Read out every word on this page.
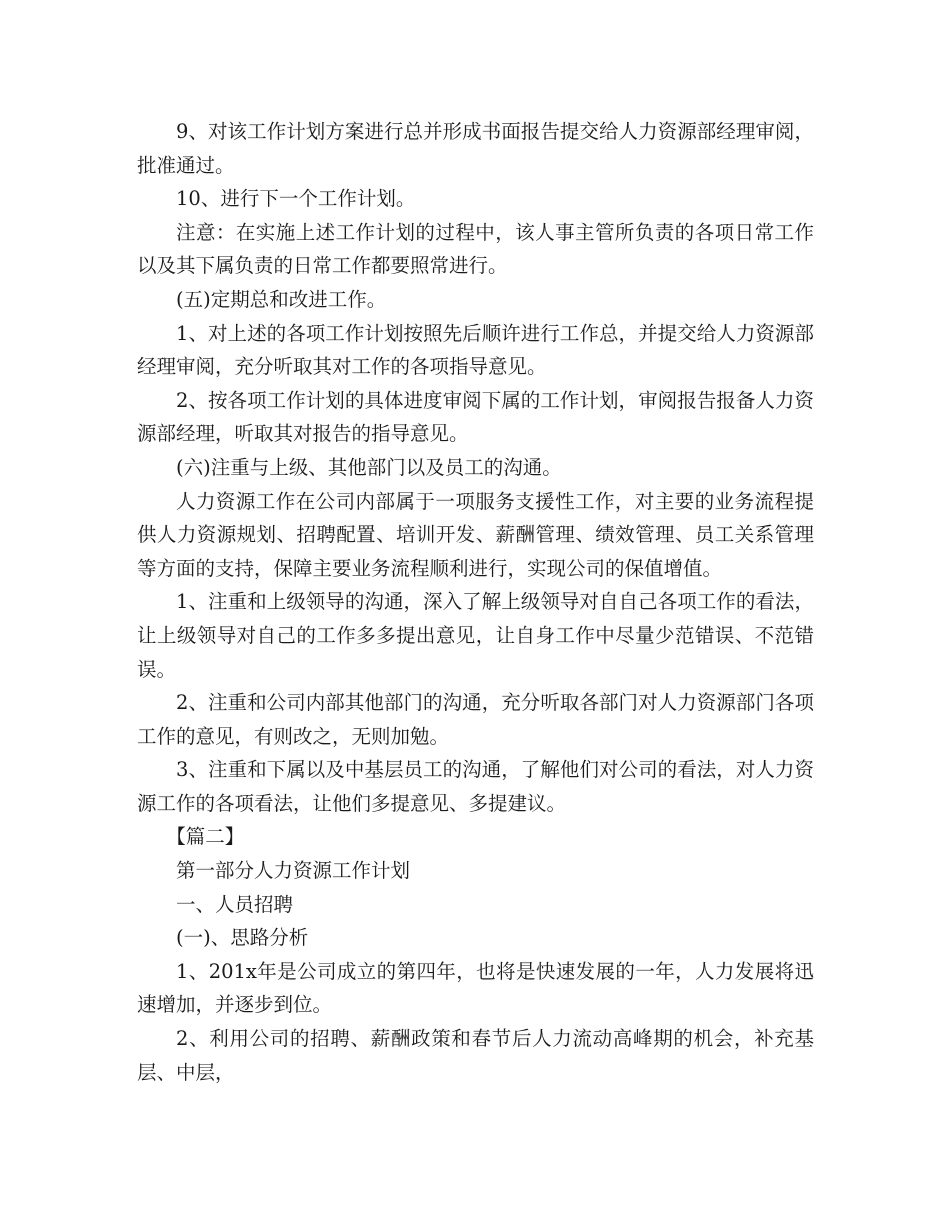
9、对该工作计划方案进行总并形成书面报告提交给人力资源部经理审阅，批准通过。

10、进行下一个工作计划。

注意：在实施上述工作计划的过程中，该人事主管所负责的各项日常工作以及其下属负责的日常工作都要照常进行。

(五)定期总和改进工作。

1、对上述的各项工作计划按照先后顺许进行工作总，并提交给人力资源部经理审阅，充分听取其对工作的各项指导意见。

2、按各项工作计划的具体进度审阅下属的工作计划，审阅报告报备人力资源部经理，听取其对报告的指导意见。

(六)注重与上级、其他部门以及员工的沟通。

人力资源工作在公司内部属于一项服务支援性工作，对主要的业务流程提供人力资源规划、招聘配置、培训开发、薪酬管理、绩效管理、员工关系管理等方面的支持，保障主要业务流程顺利进行，实现公司的保值增值。

1、注重和上级领导的沟通，深入了解上级领导对自自己各项工作的看法，让上级领导对自己的工作多多提出意见，让自身工作中尽量少范错误、不范错误。

2、注重和公司内部其他部门的沟通，充分听取各部门对人力资源部门各项工作的意见，有则改之，无则加勉。

3、注重和下属以及中基层员工的沟通，了解他们对公司的看法，对人力资源工作的各项看法，让他们多提意见、多提建议。

【篇二】

第一部分人力资源工作计划

一、人员招聘

(一)、思路分析

1、201x年是公司成立的第四年，也将是快速发展的一年，人力发展将迅速增加，并逐步到位。

2、利用公司的招聘、薪酬政策和春节后人力流动高峰期的机会，补充基层、中层，
